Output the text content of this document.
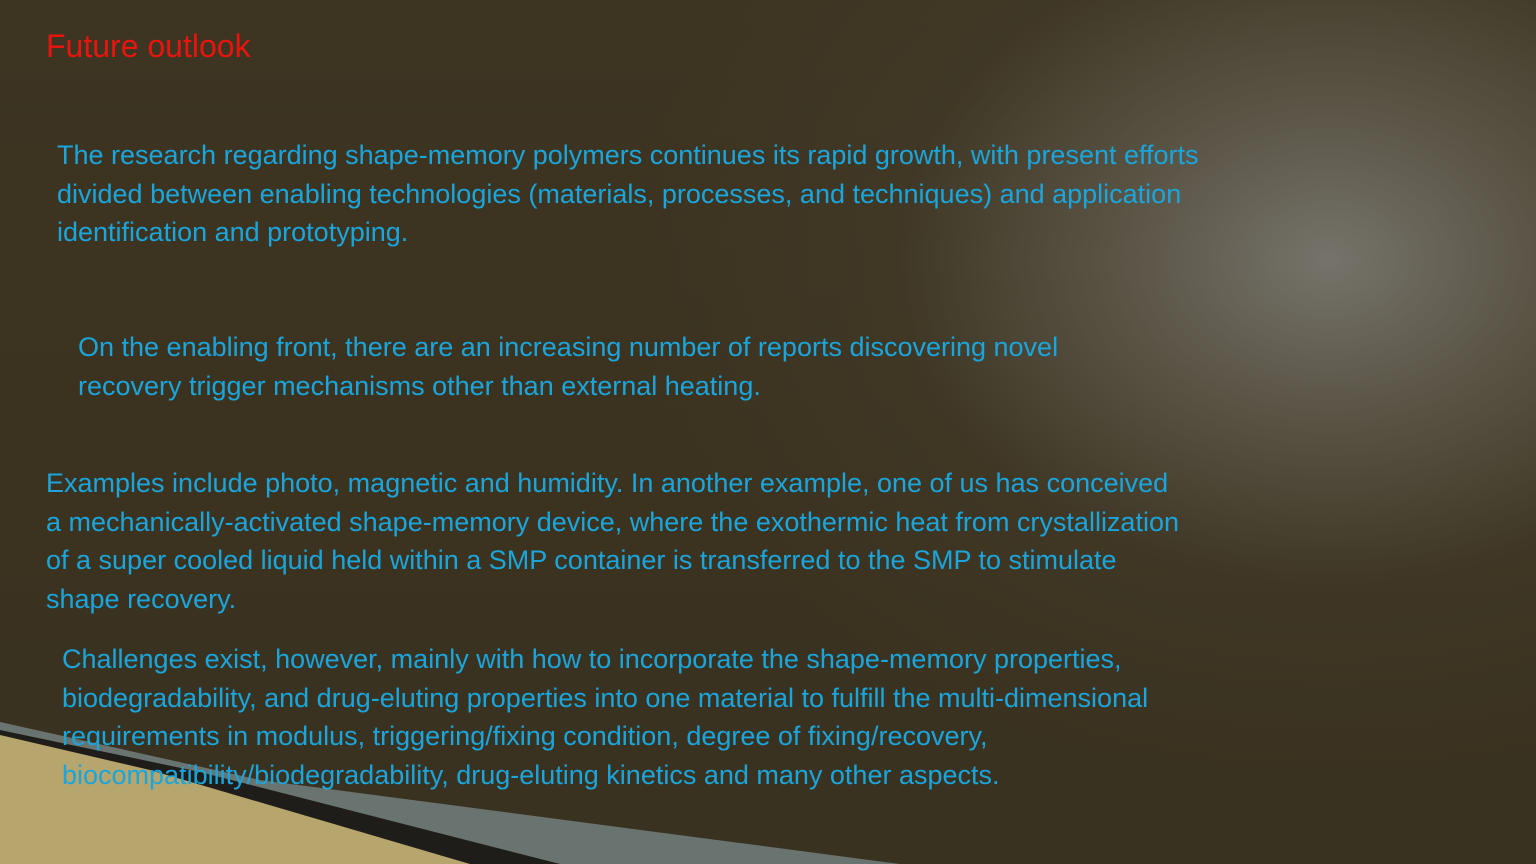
Future outlook

The research regarding shape-memory polymers continues its rapid growth, with present efforts
divided between enabling technologies (materials, processes, and techniques) and application
identification and prototyping.

On the enabling front, there are an increasing number of reports discovering novel
recovery trigger mechanisms other than external heating.

Examples include photo, magnetic and humidity. In another example, one of us has conceived
a mechanically-activated shape-memory device, where the exothermic heat from crystallization
of a super cooled liquid held within a SMP container is transferred to the SMP to stimulate
shape recovery.

Challenges exist, however, mainly with how to incorporate the shape-memory properties,
biodegradability, and drug-eluting properties into one material to fulfill the multi-dimensional
requirements in modulus, triggering/fixing condition, degree of fixing/recovery,
biocompatibility/biodegradability, drug-eluting kinetics and many other aspects.
